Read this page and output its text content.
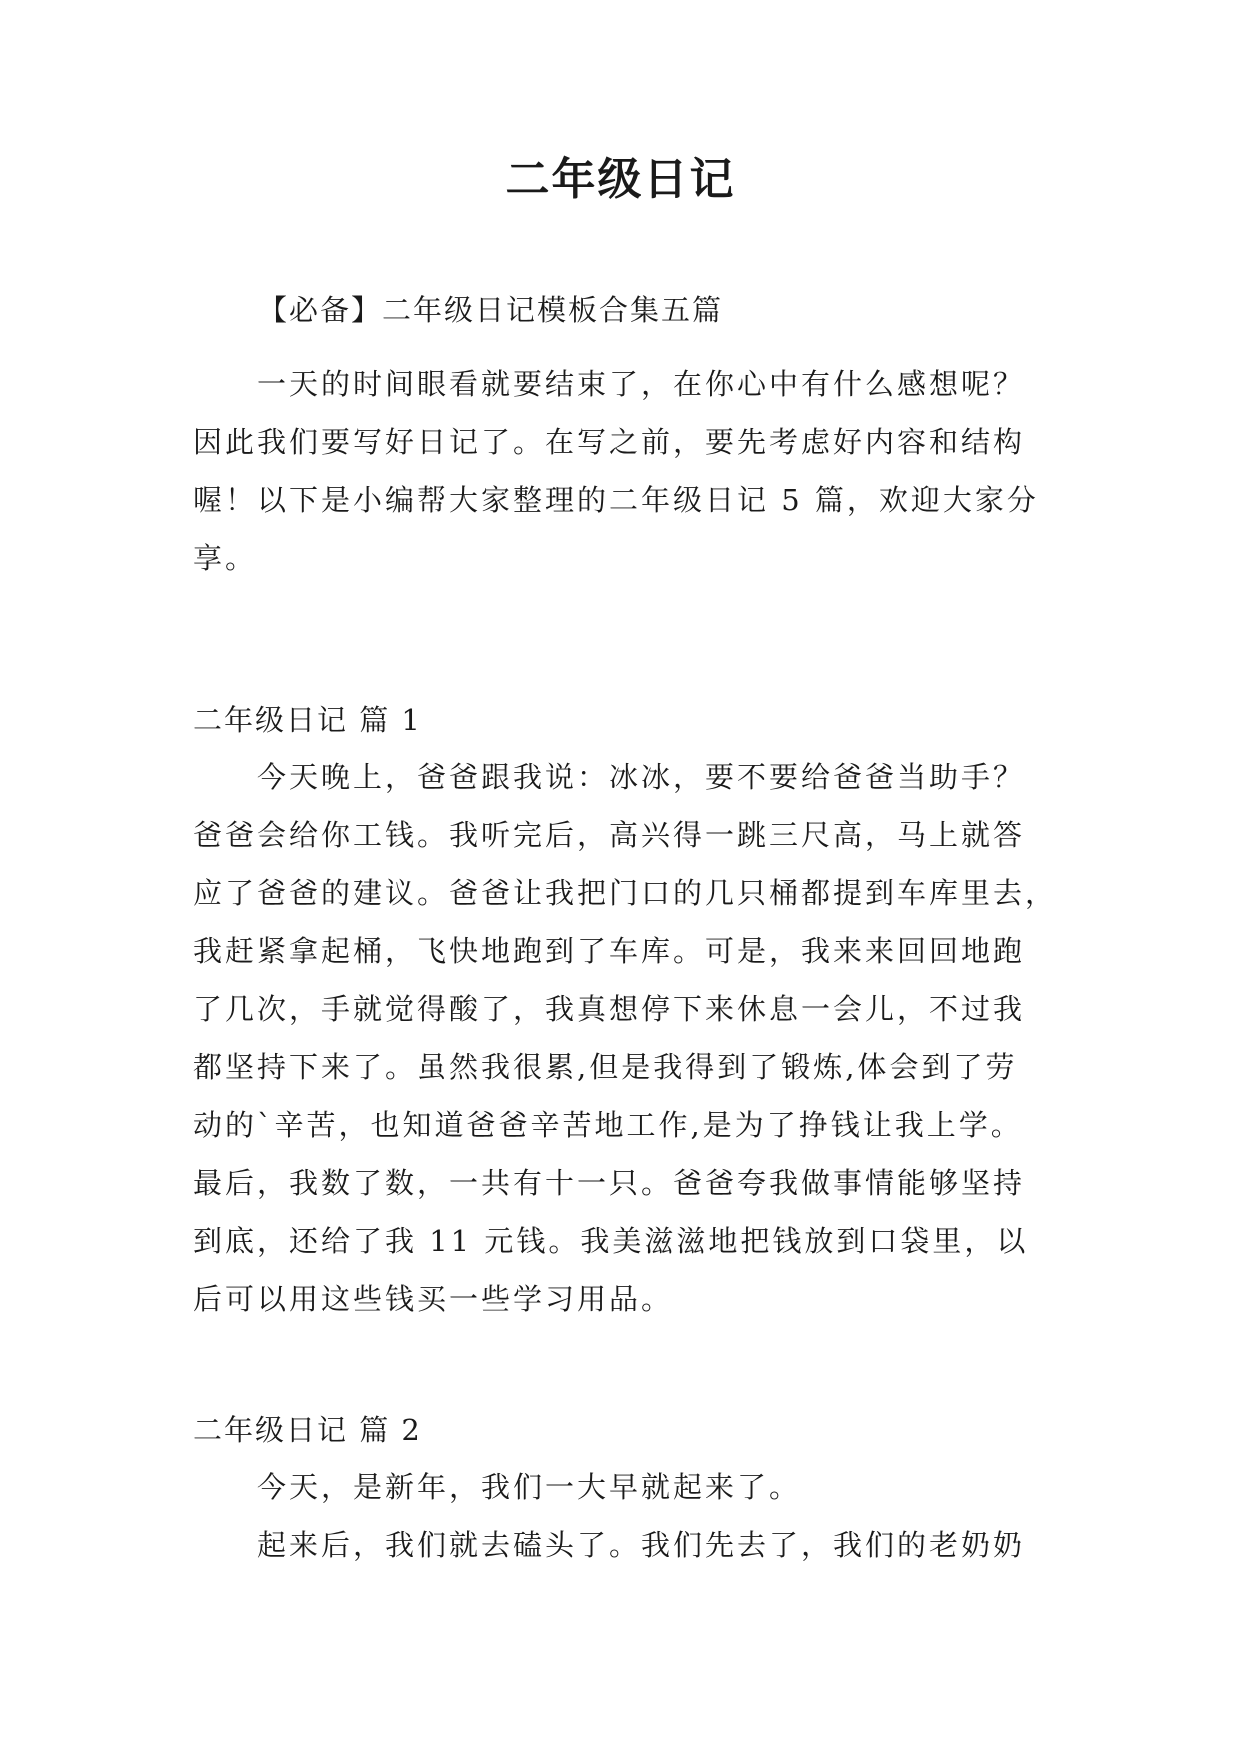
二年级日记
【必备】二年级日记模板合集五篇
一天的时间眼看就要结束了，在你心中有什么感想呢？
因此我们要写好日记了。在写之前，要先考虑好内容和结构
喔！以下是小编帮大家整理的二年级日记 5 篇，欢迎大家分
享。
二年级日记 篇 1
今天晚上，爸爸跟我说：冰冰，要不要给爸爸当助手？
爸爸会给你工钱。我听完后，高兴得一跳三尺高，马上就答
应了爸爸的建议。爸爸让我把门口的几只桶都提到车库里去，
我赶紧拿起桶，飞快地跑到了车库。可是，我来来回回地跑
了几次，手就觉得酸了，我真想停下来休息一会儿，不过我
都坚持下来了。虽然我很累,但是我得到了锻炼,体会到了劳
动的`辛苦，也知道爸爸辛苦地工作,是为了挣钱让我上学。
最后，我数了数，一共有十一只。爸爸夸我做事情能够坚持
到底，还给了我 11 元钱。我美滋滋地把钱放到口袋里，以
后可以用这些钱买一些学习用品。
二年级日记 篇 2
今天，是新年，我们一大早就起来了。
起来后，我们就去磕头了。我们先去了，我们的老奶奶
